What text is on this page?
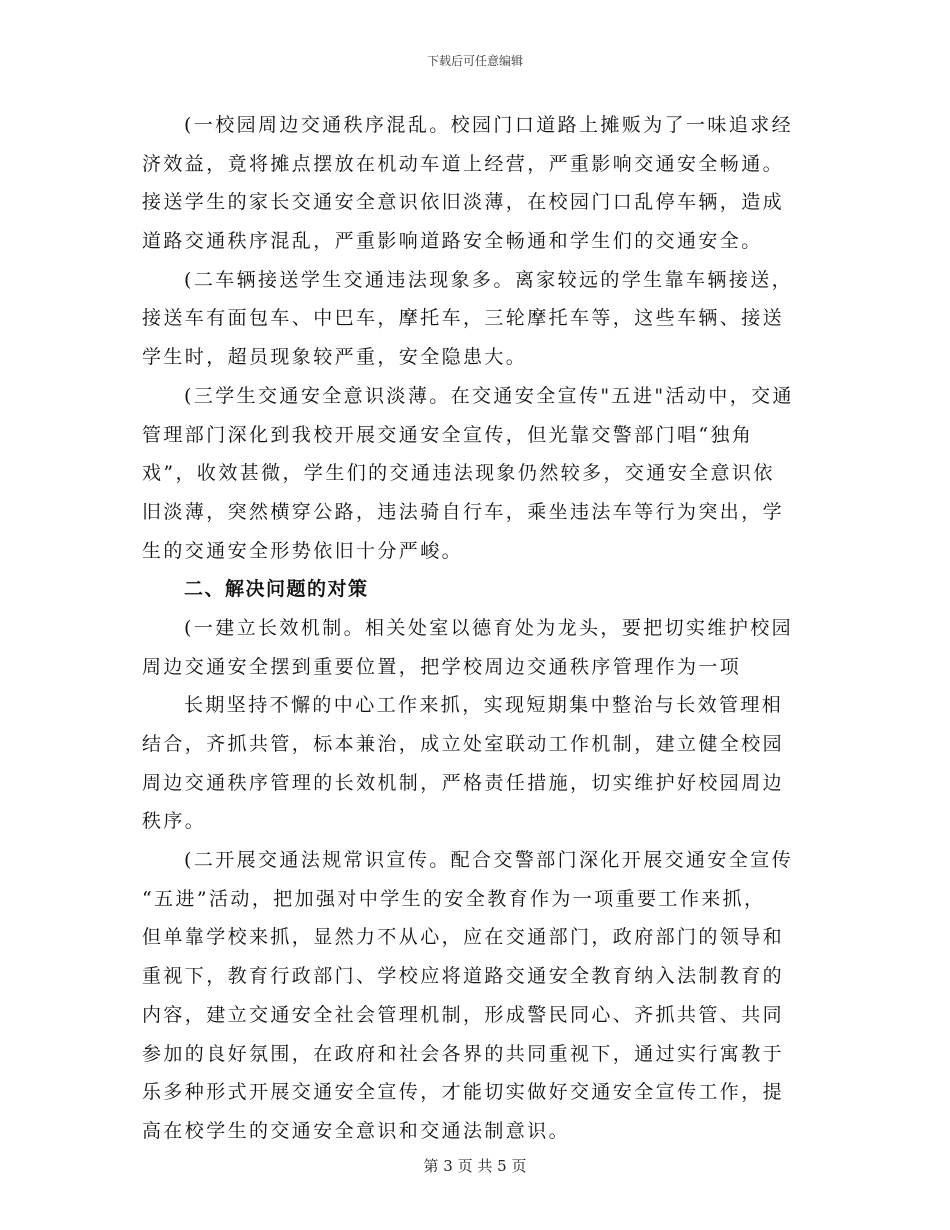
下载后可任意编辑
(一校园周边交通秩序混乱。校园门口道路上摊贩为了一味追求经
济效益，竟将摊点摆放在机动车道上经营，严重影响交通安全畅通。
接送学生的家长交通安全意识依旧淡薄，在校园门口乱停车辆，造成
道路交通秩序混乱，严重影响道路安全畅通和学生们的交通安全。
(二车辆接送学生交通违法现象多。离家较远的学生靠车辆接送，
接送车有面包车、中巴车，摩托车，三轮摩托车等，这些车辆、接送
学生时，超员现象较严重，安全隐患大。
(三学生交通安全意识淡薄。在交通安全宣传"五进"活动中，交通
管理部门深化到我校开展交通安全宣传，但光靠交警部门唱“独角
戏”，收效甚微，学生们的交通违法现象仍然较多，交通安全意识依
旧淡薄，突然横穿公路，违法骑自行车，乘坐违法车等行为突出，学
生的交通安全形势依旧十分严峻。
二、解决问题的对策
(一建立长效机制。相关处室以德育处为龙头，要把切实维护校园
周边交通安全摆到重要位置，把学校周边交通秩序管理作为一项
长期坚持不懈的中心工作来抓，实现短期集中整治与长效管理相
结合，齐抓共管，标本兼治，成立处室联动工作机制，建立健全校园
周边交通秩序管理的长效机制，严格责任措施，切实维护好校园周边
秩序。
(二开展交通法规常识宣传。配合交警部门深化开展交通安全宣传
“五进”活动，把加强对中学生的安全教育作为一项重要工作来抓，
但单靠学校来抓，显然力不从心，应在交通部门，政府部门的领导和
重视下，教育行政部门、学校应将道路交通安全教育纳入法制教育的
内容，建立交通安全社会管理机制，形成警民同心、齐抓共管、共同
参加的良好氛围，在政府和社会各界的共同重视下，通过实行寓教于
乐多种形式开展交通安全宣传，才能切实做好交通安全宣传工作，提
高在校学生的交通安全意识和交通法制意识。
第 3 页 共 5 页
